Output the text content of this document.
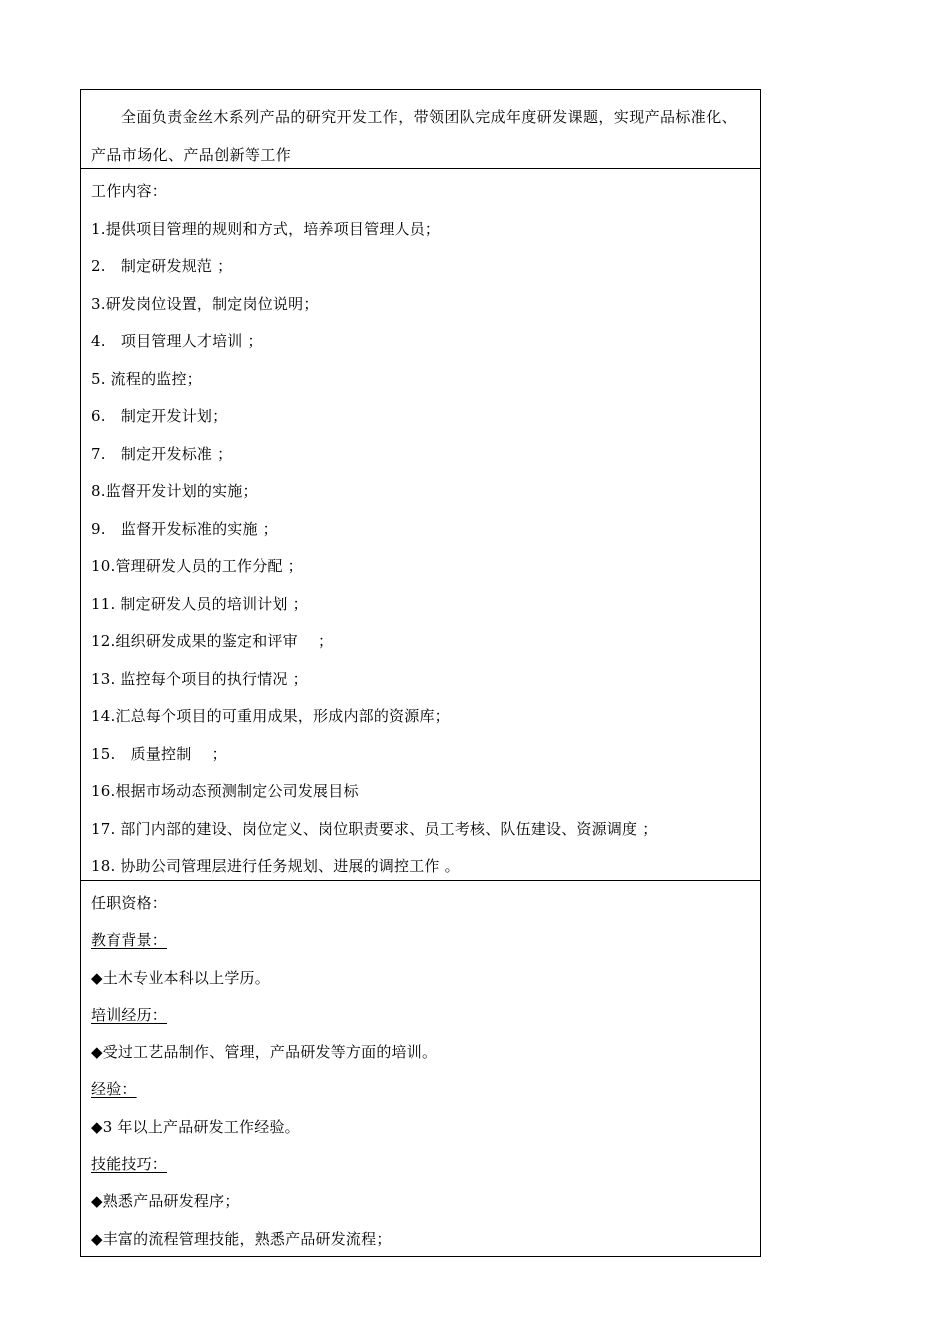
全面负责金丝木系列产品的研究开发工作，带领团队完成年度研发课题，实现产品标准化、产品市场化、产品创新等工作

工作内容：
1.提供项目管理的规则和方式，培养项目管理人员；
2.　制定研发规范 ；
3.研发岗位设置，制定岗位说明；
4.　项目管理人才培训 ；
5. 流程的监控；
6.　制定开发计划；
7.　制定开发标准 ；
8.监督开发计划的实施；
9.　监督开发标准的实施 ；
10.管理研发人员的工作分配 ；
11. 制定研发人员的培训计划 ；
12.组织研发成果的鉴定和评审 　；
13. 监控每个项目的执行情况 ；
14.汇总每个项目的可重用成果，形成内部的资源库；
15.　质量控制 　；
16.根据市场动态预测制定公司发展目标
17. 部门内部的建设、岗位定义、岗位职责要求、员工考核、队伍建设、资源调度 ；
18. 协助公司管理层进行任务规划、进展的调控工作 。
任职资格：
教育背景：
◆土木专业本科以上学历。
培训经历：
◆受过工艺品制作、管理，产品研发等方面的培训。
经验：
◆3 年以上产品研发工作经验。
技能技巧：
◆熟悉产品研发程序；
◆丰富的流程管理技能，熟悉产品研发流程；
